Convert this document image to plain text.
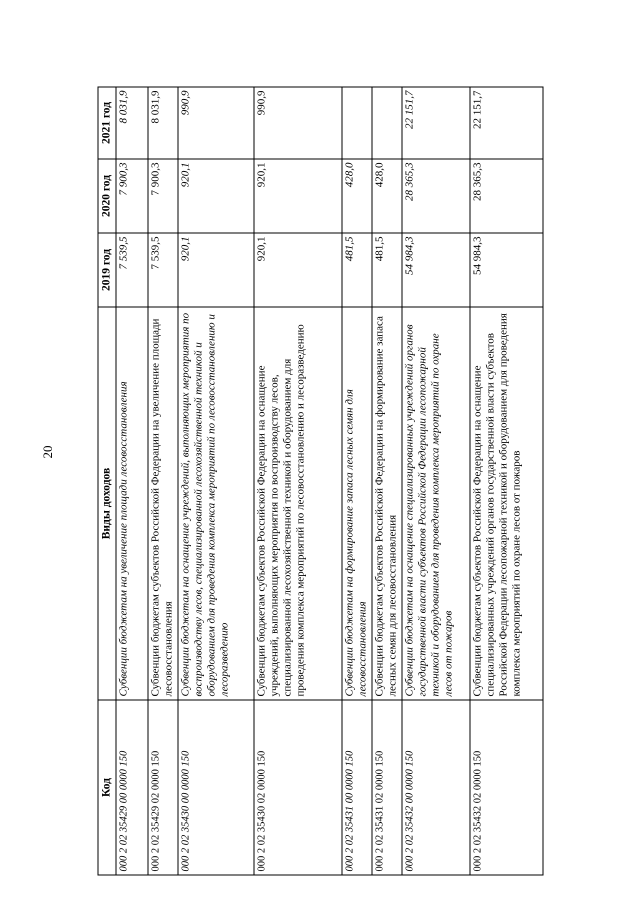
20
Код	Виды доходов	2019 год	2020 год	2021 год
000 2 02 35429 00 0000 150	Субвенции бюджетам на увеличение площади лесовосстановления	7 539,5	7 900,3	8 031,9
000 2 02 35429 02 0000 150	Субвенции бюджетам субъектов Российской Федерации на увеличение площади лесовосстановления	7 539,5	7 900,3	8 031,9
000 2 02 35430 00 0000 150	Субвенции бюджетам на оснащение учреждений, выполняющих мероприятия по воспроизводству лесов, специализированной лесохозяйственной техникой и оборудованием для проведения комплекса мероприятий по лесовосстановлению и лесоразведению	920,1	920,1	990,9
000 2 02 35430 02 0000 150	Субвенции бюджетам субъектов Российской Федерации на оснащение учреждений, выполняющих мероприятия по воспроизводству лесов, специализированной лесохозяйственной техникой и оборудованием для проведения комплекса мероприятий по лесовосстановлению и лесоразведению	920,1	920,1	990,9
000 2 02 35431 00 0000 150	Субвенции бюджетам на формирование запаса лесных семян для лесовосстановления	481,5	428,0	
000 2 02 35431 02 0000 150	Субвенции бюджетам субъектов Российской Федерации на формирование запаса лесных семян для лесовосстановления	481,5	428,0	
000 2 02 35432 00 0000 150	Субвенции бюджетам на оснащение специализированных учреждений органов государственной власти субъектов Российской Федерации лесопожарной техникой и оборудованием для проведения комплекса мероприятий по охране лесов от пожаров	54 984,3	28 365,3	22 151,7
000 2 02 35432 02 0000 150	Субвенции бюджетам субъектов Российской Федерации на оснащение специализированных учреждений органов государственной власти субъектов Российской Федерации лесопожарной техникой и оборудованием для проведения комплекса мероприятий по охране лесов от пожаров	54 984,3	28 365,3	22 151,7
